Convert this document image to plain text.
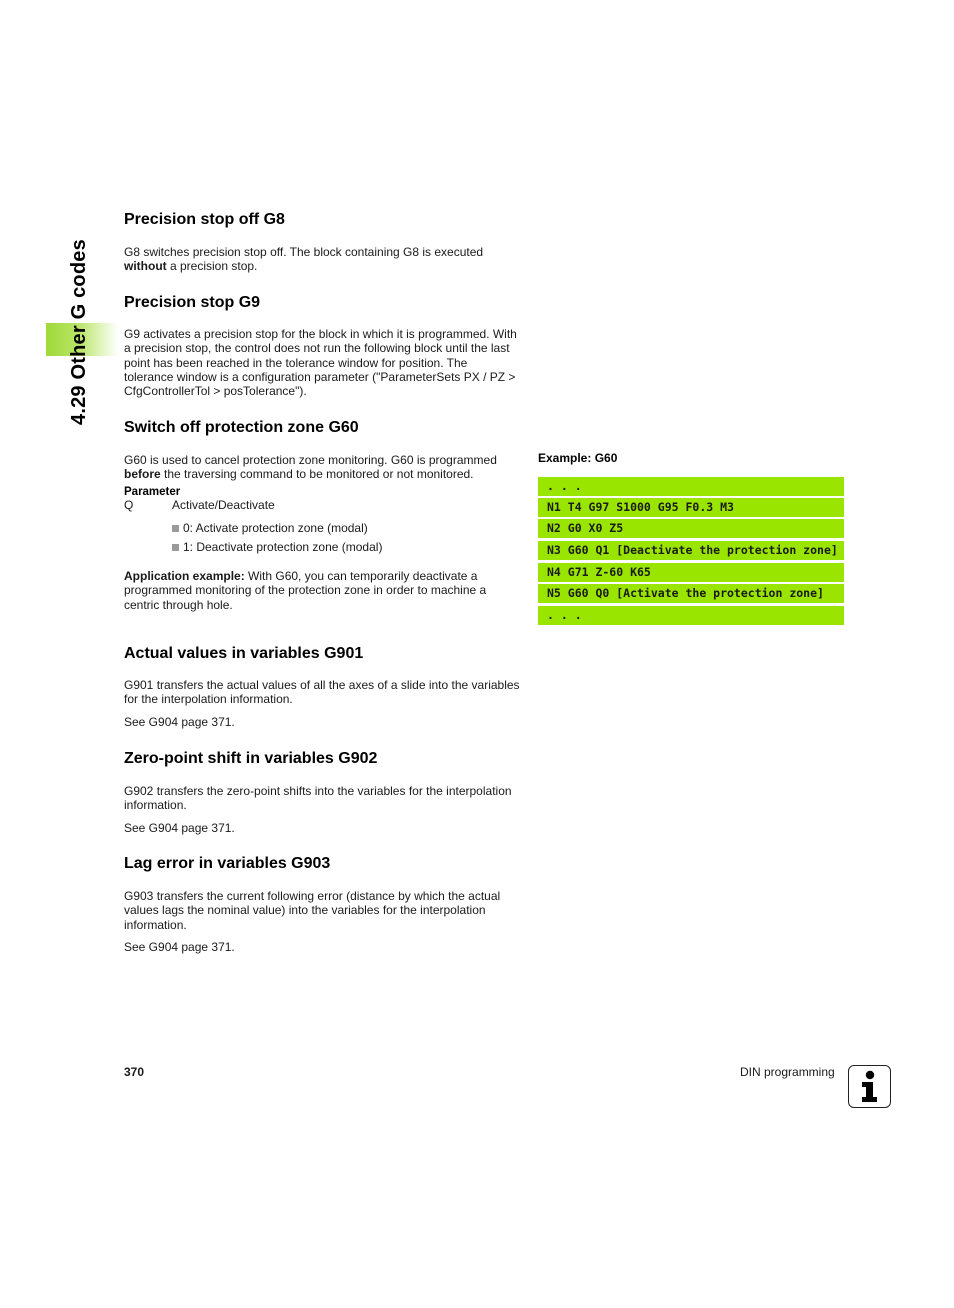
4.29 Other G codes
Precision stop off G8

G8 switches precision stop off. The block containing G8 is executed without a precision stop.

Precision stop G9

G9 activates a precision stop for the block in which it is programmed. With a precision stop, the control does not run the following block until the last point has been reached in the tolerance window for position. The tolerance window is a configuration parameter ("ParameterSets PX / PZ > CfgControllerTol > posTolerance").

Switch off protection zone G60

G60 is used to cancel protection zone monitoring. G60 is programmed before the traversing command to be monitored or not monitored.

Parameter
Q	Activate/Deactivate
0: Activate protection zone (modal)
1: Deactivate protection zone (modal)

Application example: With G60, you can temporarily deactivate a programmed monitoring of the protection zone in order to machine a centric through hole.

Actual values in variables G901

G901 transfers the actual values of all the axes of a slide into the variables for the interpolation information.

See G904 page 371.

Zero-point shift in variables G902

G902 transfers the zero-point shifts into the variables for the interpolation information.

See G904 page 371.

Lag error in variables G903

G903 transfers the current following error (distance by which the actual values lags the nominal value) into the variables for the interpolation information.

See G904 page 371.

Example: G60
. . .
N1 T4 G97 S1000 G95 F0.3 M3
N2 G0 X0 Z5
N3 G60 Q1 [Deactivate the protection zone]
N4 G71 Z-60 K65
N5 G60 Q0 [Activate the protection zone]
. . .
370	DIN programming
